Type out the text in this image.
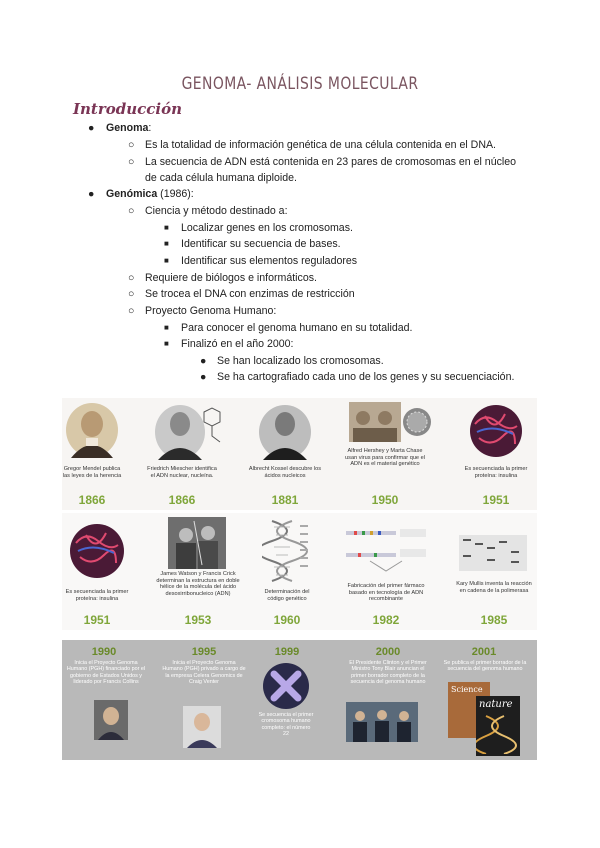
GENOMA- ANÁLISIS MOLECULAR
Introducción
● Genoma:
○ Es la totalidad de información genética de una célula contenida en el DNA.
○ La secuencia de ADN está contenida en 23 pares de cromosomas en el núcleo
de cada célula humana diploide.
● Genómica (1986):
○ Ciencia y método destinado a:
■ Localizar genes en los cromosomas.
■ Identificar su secuencia de bases.
■ Identificar sus elementos reguladores
○ Requiere de biólogos e informáticos.
○ Se trocea el DNA con enzimas de restricción
○ Proyecto Genoma Humano:
■ Para conocer el genoma humano en su totalidad.
■ Finalizó en el año 2000:
● Se han localizado los cromosomas.
● Se ha cartografiado cada uno de los genes y su secuenciación.
Gregor Mendel publica las leyes de la herencia
1866
Friedrich Miescher identifica el ADN nuclear, nucleína.
1866
Albrecht Kossel descubre los ácidos nucleicos
1881
Alfred Hershey y Marta Chase usan virus para confirmar que el ADN es el material genético
1950
Es secuenciada la primer proteína: insulina
1951
Es secuenciada la primer proteína: insulina
1951
James Watson y Francis Crick determinan la estructura en doble hélice de la molécula del ácido desoxirribonucleico (ADN)
1953
Determinación del código genético
1960
Fabricación del primer fármaco basado en tecnología de ADN recombinante
1982
Kary Mullis inventa la reacción en cadena de la polimerasa
1985
1990
Inicia el Proyecto Genoma Humano (PGH) financiado por el gobierno de Estados Unidos y liderado por Francis Collins
1995
Inicia el Proyecto Genoma Humano (PGH) privado a cargo de la empresa Celera Genomics de Craig Venter
1999
Se secuencia el primer cromosoma humano completo: el número 22
2000
El Presidente Clinton y el Primer Ministro Tony Blair anuncian el primer borrador completo de la secuencia del genoma humano
2001
Se publica el primer borrador de la secuencia del genoma humano
Science
nature
